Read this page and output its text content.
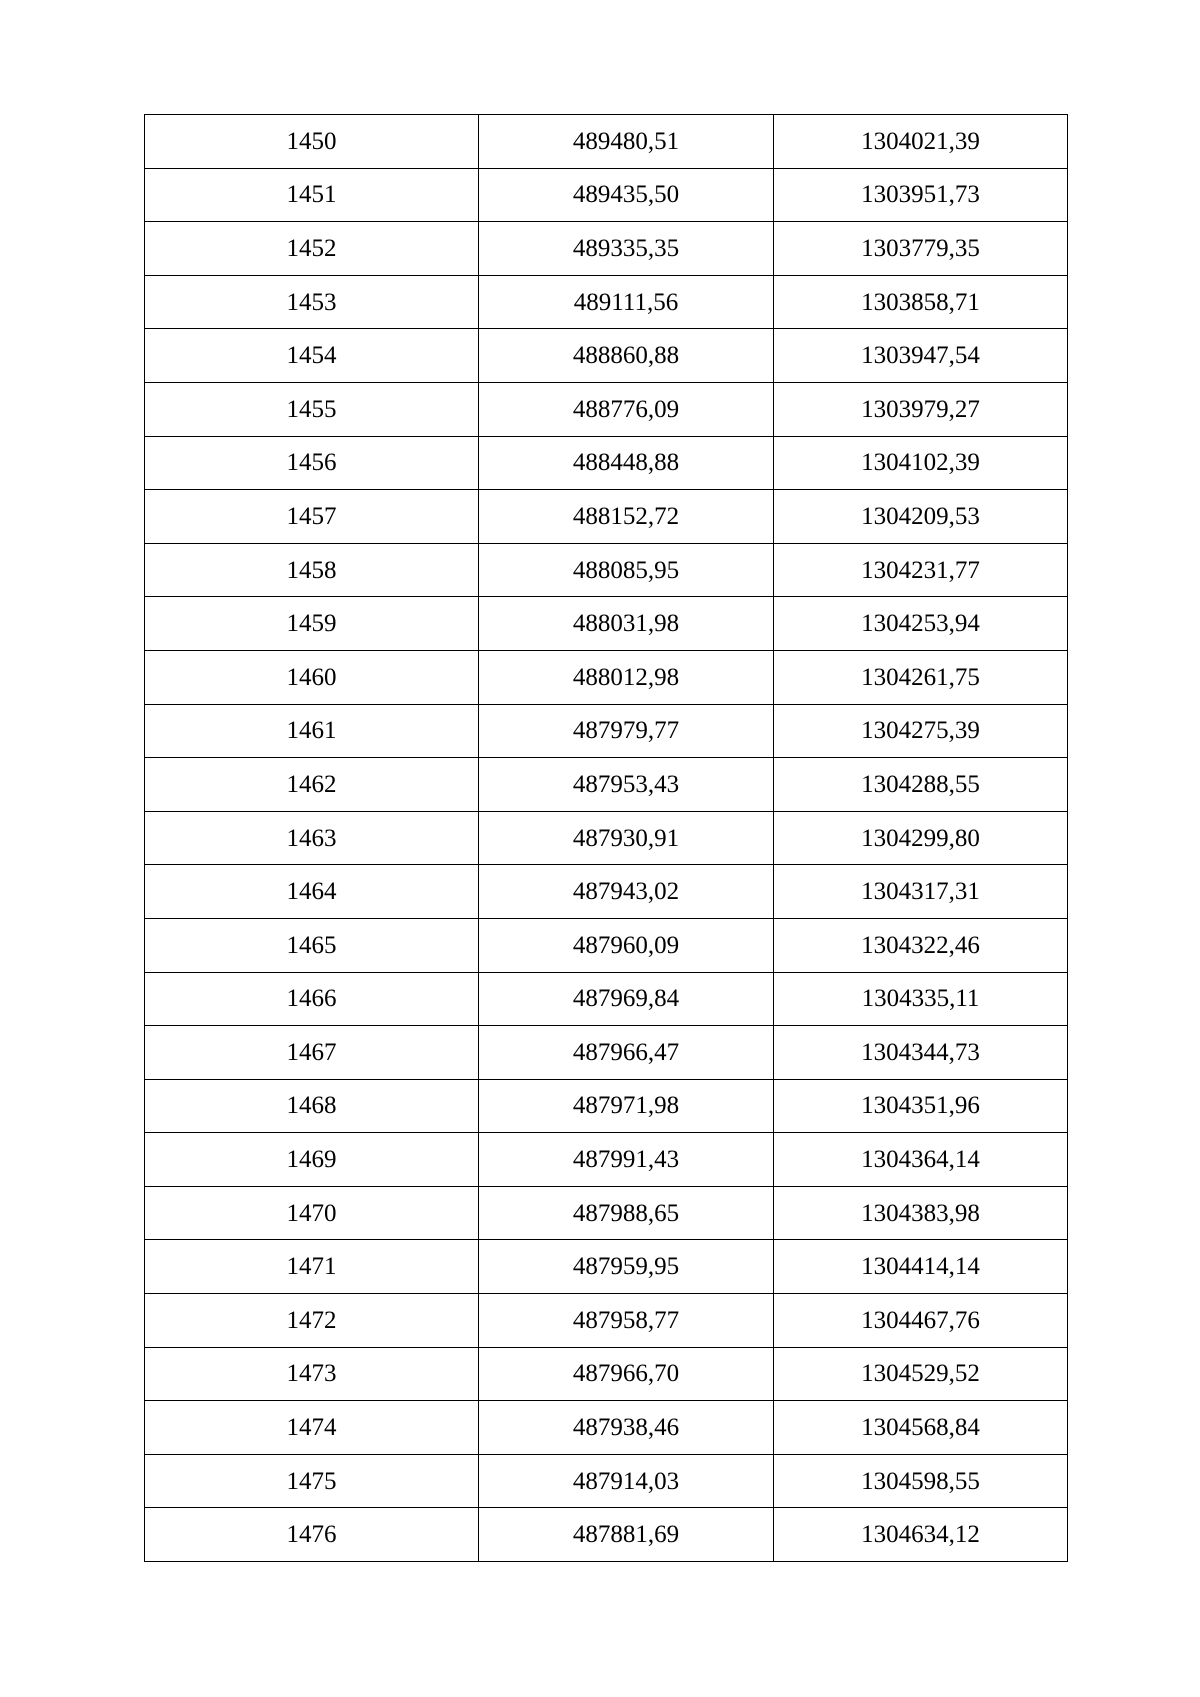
1450	489480,51	1304021,39
1451	489435,50	1303951,73
1452	489335,35	1303779,35
1453	489111,56	1303858,71
1454	488860,88	1303947,54
1455	488776,09	1303979,27
1456	488448,88	1304102,39
1457	488152,72	1304209,53
1458	488085,95	1304231,77
1459	488031,98	1304253,94
1460	488012,98	1304261,75
1461	487979,77	1304275,39
1462	487953,43	1304288,55
1463	487930,91	1304299,80
1464	487943,02	1304317,31
1465	487960,09	1304322,46
1466	487969,84	1304335,11
1467	487966,47	1304344,73
1468	487971,98	1304351,96
1469	487991,43	1304364,14
1470	487988,65	1304383,98
1471	487959,95	1304414,14
1472	487958,77	1304467,76
1473	487966,70	1304529,52
1474	487938,46	1304568,84
1475	487914,03	1304598,55
1476	487881,69	1304634,12
